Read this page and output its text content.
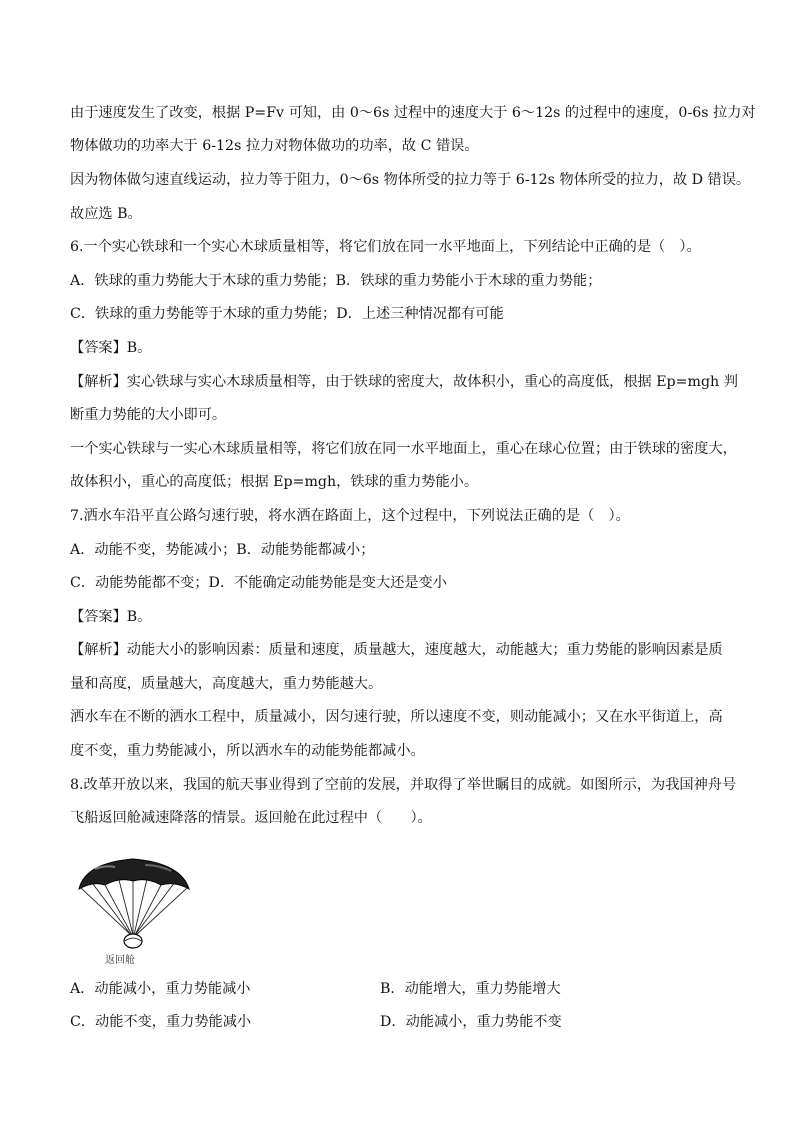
由于速度发生了改变，根据 P=Fv 可知，由 0～6s 过程中的速度大于 6～12s 的过程中的速度，0-6s 拉力对

物体做功的功率大于 6-12s 拉力对物体做功的功率，故 C 错误。

因为物体做匀速直线运动，拉力等于阻力，0～6s 物体所受的拉力等于 6-12s 物体所受的拉力，故 D 错误。

故应选 B。

6.一个实心铁球和一个实心木球质量相等，将它们放在同一水平地面上，下列结论中正确的是（　）。

A．铁球的重力势能大于木球的重力势能；B．铁球的重力势能小于木球的重力势能；

C．铁球的重力势能等于木球的重力势能；D．上述三种情况都有可能

【答案】B。

【解析】实心铁球与实心木球质量相等，由于铁球的密度大，故体积小，重心的高度低，根据 Ep=mgh 判

断重力势能的大小即可。

一个实心铁球与一实心木球质量相等，将它们放在同一水平地面上，重心在球心位置；由于铁球的密度大，

故体积小，重心的高度低；根据 Ep=mgh，铁球的重力势能小。

7.洒水车沿平直公路匀速行驶，将水洒在路面上，这个过程中，下列说法正确的是（　）。

A．动能不变，势能减小；B．动能势能都减小；

C．动能势能都不变；D．不能确定动能势能是变大还是变小

【答案】B。

【解析】动能大小的影响因素：质量和速度，质量越大，速度越大，动能越大；重力势能的影响因素是质

量和高度，质量越大，高度越大，重力势能越大。

洒水车在不断的洒水工程中，质量减小，因匀速行驶，所以速度不变，则动能减小；又在水平街道上，高

度不变，重力势能减小，所以洒水车的动能势能都减小。

8.改革开放以来，我国的航天事业得到了空前的发展，并取得了举世瞩目的成就。如图所示，为我国神舟号

飞船返回舱减速降落的情景。返回舱在此过程中（　　）。

返回舱
A．动能减小，重力势能减小	B．动能增大，重力势能增大
C．动能不变，重力势能减小	D．动能减小，重力势能不变
